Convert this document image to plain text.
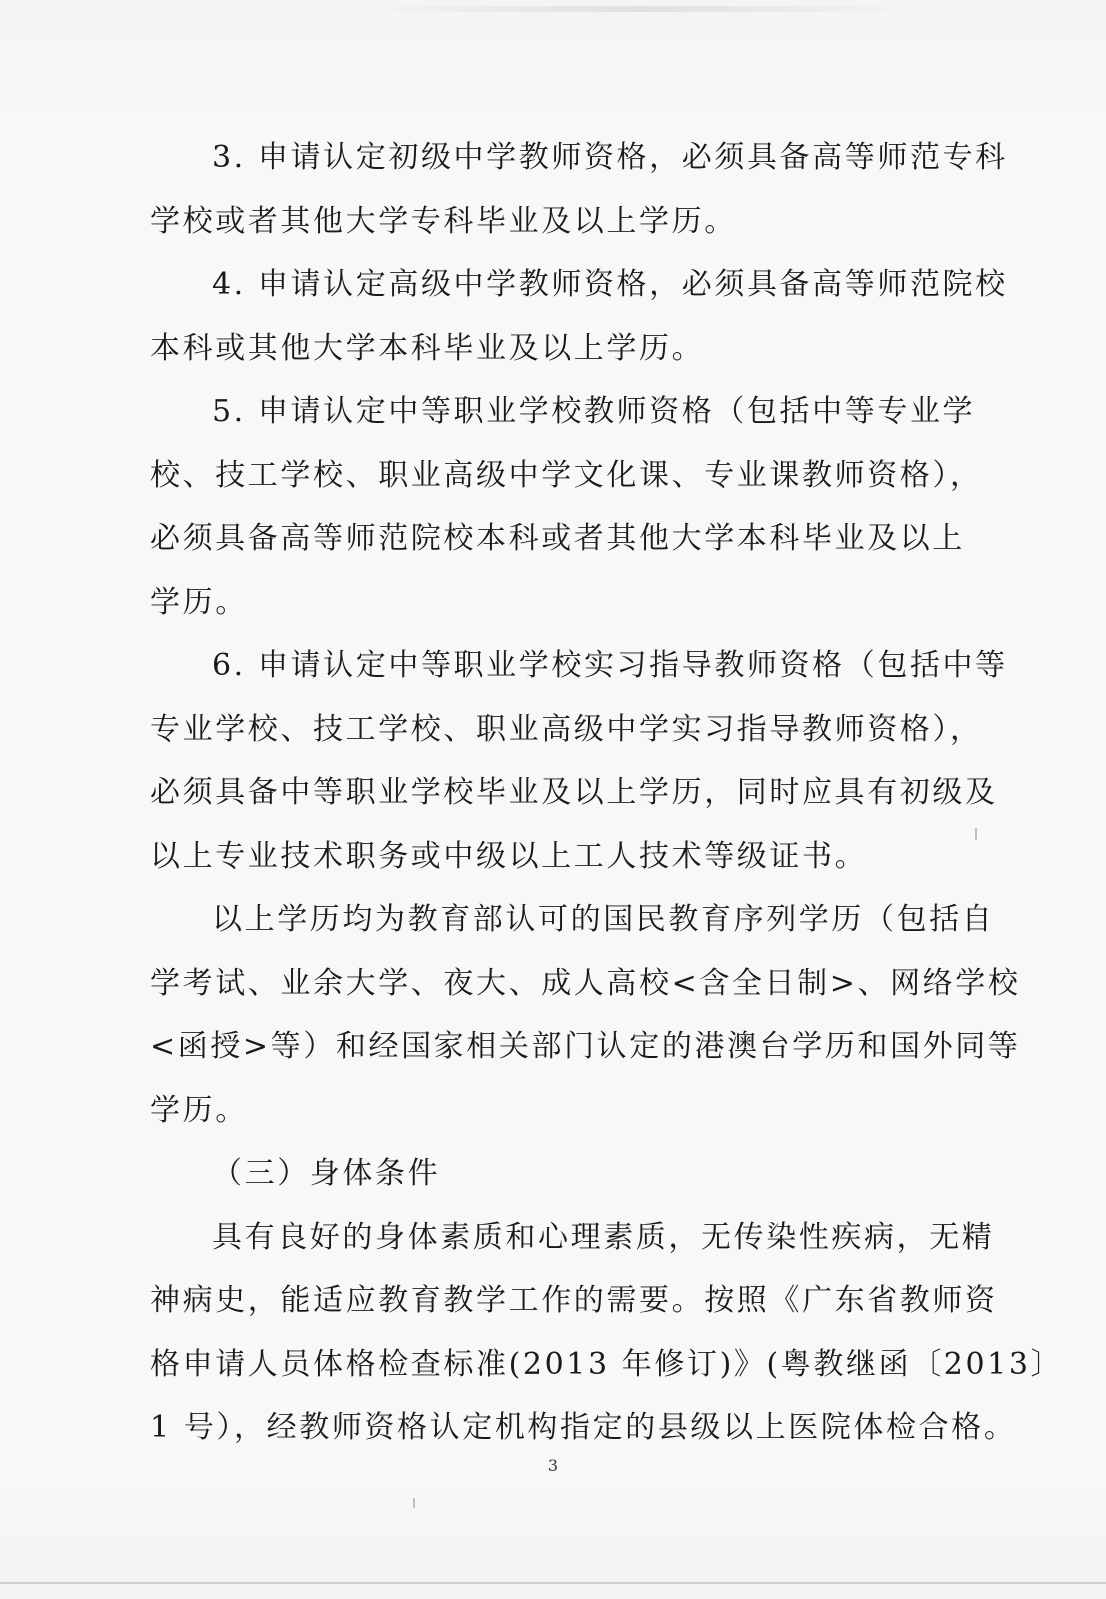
3. 申请认定初级中学教师资格，必须具备高等师范专科
学校或者其他大学专科毕业及以上学历。
4. 申请认定高级中学教师资格，必须具备高等师范院校
本科或其他大学本科毕业及以上学历。
5. 申请认定中等职业学校教师资格（包括中等专业学
校、技工学校、职业高级中学文化课、专业课教师资格），
必须具备高等师范院校本科或者其他大学本科毕业及以上
学历。
6. 申请认定中等职业学校实习指导教师资格（包括中等
专业学校、技工学校、职业高级中学实习指导教师资格），
必须具备中等职业学校毕业及以上学历，同时应具有初级及
以上专业技术职务或中级以上工人技术等级证书。
以上学历均为教育部认可的国民教育序列学历（包括自
学考试、业余大学、夜大、成人高校<含全日制>、网络学校
<函授>等）和经国家相关部门认定的港澳台学历和国外同等
学历。
（三）身体条件
具有良好的身体素质和心理素质，无传染性疾病，无精
神病史，能适应教育教学工作的需要。按照《广东省教师资
格申请人员体格检查标准(2013 年修订)》(粤教继函〔2013〕
1 号），经教师资格认定机构指定的县级以上医院体检合格。
3
